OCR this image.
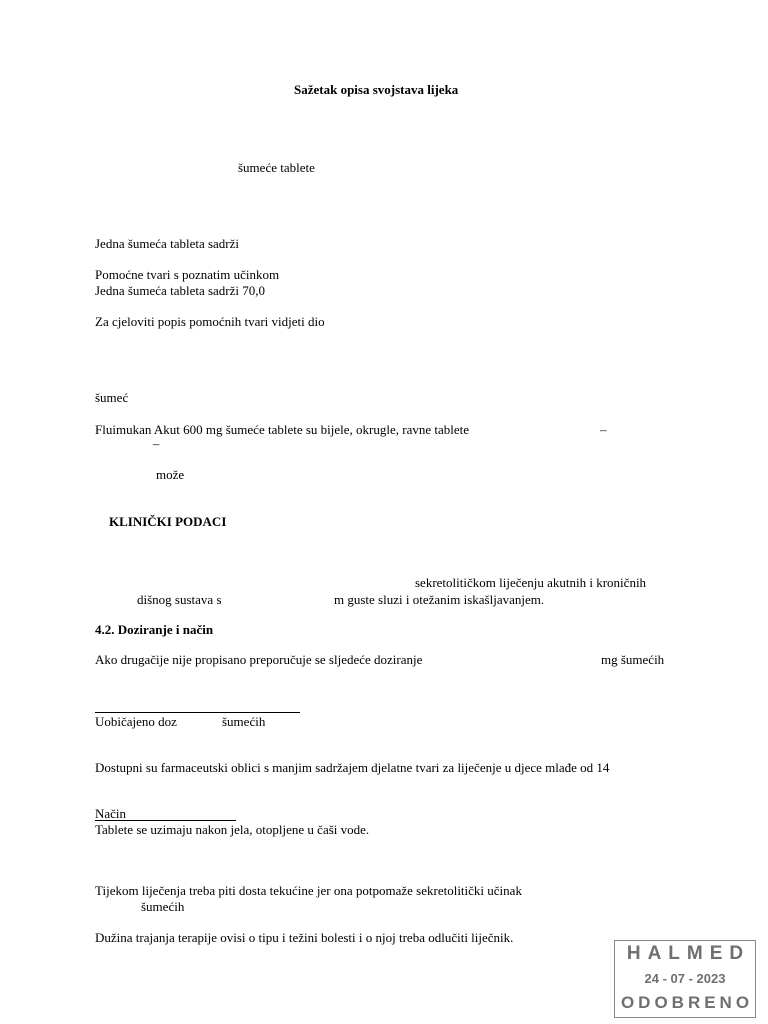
Sažetak opisa svojstava lijeka
šumeće tablete
Jedna šumeća tableta sadrži
Pomoćne tvari s poznatim učinkom
Jedna šumeća tableta sadrži 70,0
Za cjeloviti popis pomoćnih tvari vidjeti dio
šumeć
Fluimukan Akut 600 mg šumeće tablete su bijele, okrugle, ravne tablete	–
–
može
KLINIČKI PODACI
sekretolitičkom liječenju akutnih i kroničnih
dišnog sustava s	m guste sluzi i otežanim iskašljavanjem.
4.2. Doziranje i način
Ako drugačije nije propisano preporučuje se sljedeće doziranje	mg šumećih
Uobičajeno doz	šumećih
Dostupni su farmaceutski oblici s manjim sadržajem djelatne tvari za liječenje u djece mlađe od 14
Način
Tablete se uzimaju nakon jela, otopljene u čaši vode.
Tijekom liječenja treba piti dosta tekućine jer ona potpomaže sekretolitički učinak
šumećih
Dužina trajanja terapije ovisi o tipu i težini bolesti i o njoj treba odlučiti liječnik.
HALMED
24 - 07 - 2023
ODOBRENO
